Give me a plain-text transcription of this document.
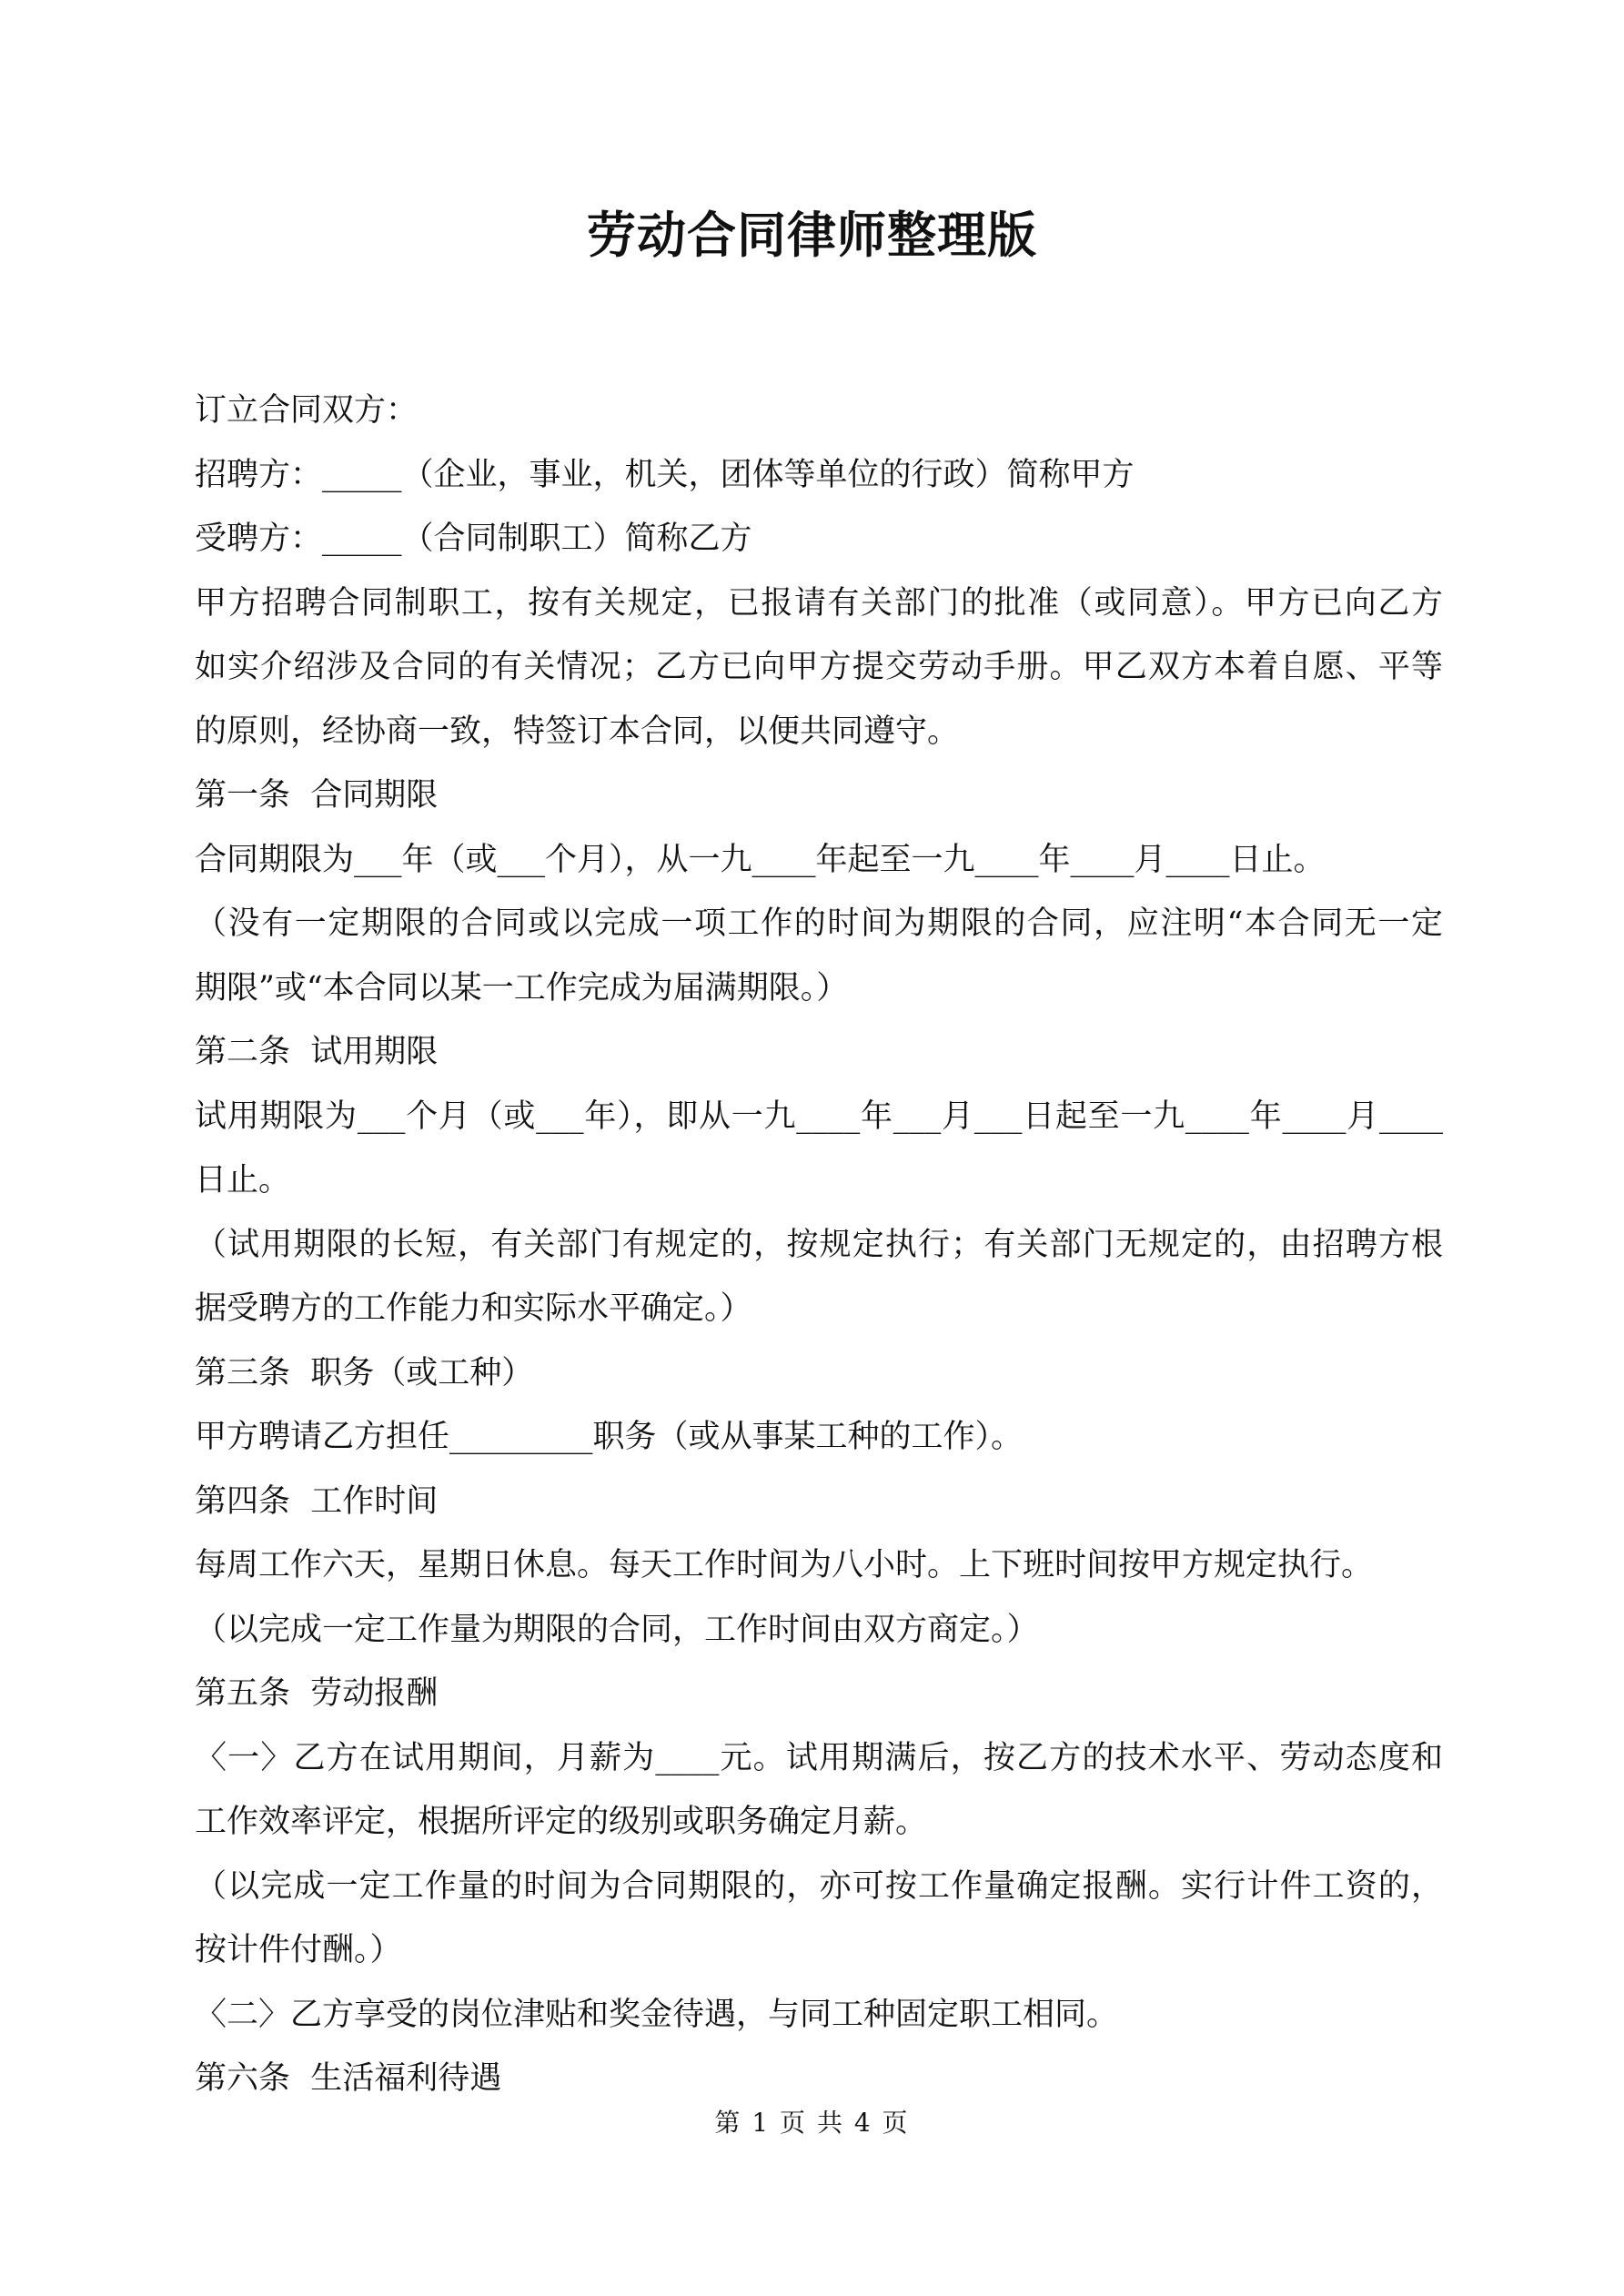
劳动合同律师整理版
订立合同双方：
招聘方：_____（企业，事业，机关，团体等单位的行政）简称甲方
受聘方：_____（合同制职工）简称乙方
甲方招聘合同制职工，按有关规定，已报请有关部门的批准（或同意）。甲方已向乙方
如实介绍涉及合同的有关情况；乙方已向甲方提交劳动手册。甲乙双方本着自愿、平等
的原则，经协商一致，特签订本合同，以便共同遵守。
第一条  合同期限
合同期限为___年（或___个月），从一九____年起至一九____年____月____日止。
（没有一定期限的合同或以完成一项工作的时间为期限的合同，应注明“本合同无一定
期限”或“本合同以某一工作完成为届满期限。）
第二条  试用期限
试用期限为___个月（或___年），即从一九____年___月___日起至一九____年____月____
日止。
（试用期限的长短，有关部门有规定的，按规定执行；有关部门无规定的，由招聘方根
据受聘方的工作能力和实际水平确定。）
第三条  职务（或工种）
甲方聘请乙方担任_________职务（或从事某工种的工作）。
第四条  工作时间
每周工作六天，星期日休息。每天工作时间为八小时。上下班时间按甲方规定执行。
（以完成一定工作量为期限的合同，工作时间由双方商定。）
第五条  劳动报酬
〈一〉乙方在试用期间，月薪为____元。试用期满后，按乙方的技术水平、劳动态度和
工作效率评定，根据所评定的级别或职务确定月薪。
（以完成一定工作量的时间为合同期限的，亦可按工作量确定报酬。实行计件工资的，
按计件付酬。）
〈二〉乙方享受的岗位津贴和奖金待遇，与同工种固定职工相同。
第六条  生活福利待遇
第 1 页 共 4 页
